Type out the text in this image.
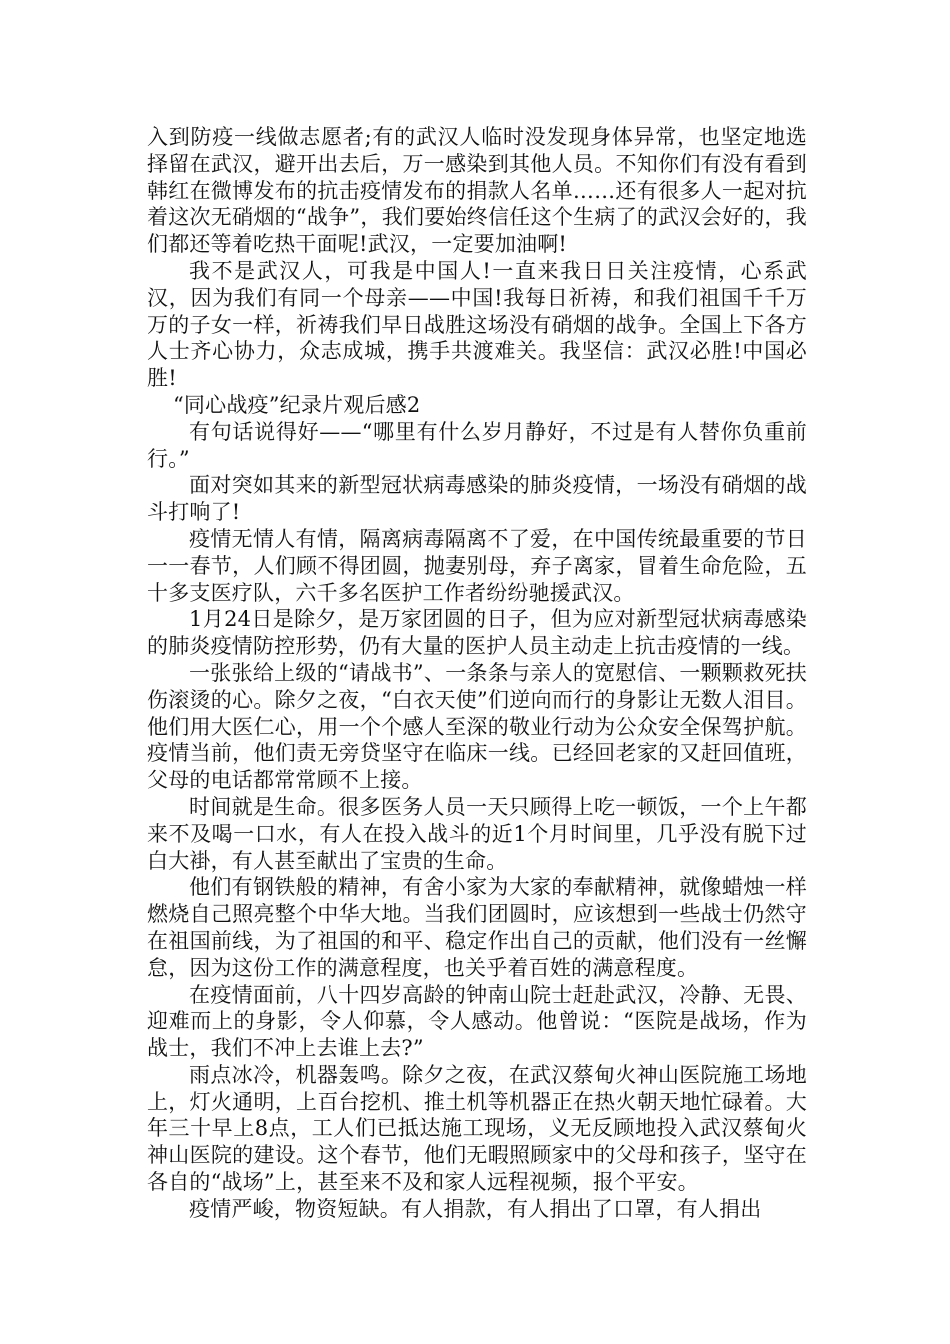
入到防疫一线做志愿者;有的武汉人临时没发现身体异常，也坚定地选择留在武汉，避开出去后，万一感染到其他人员。不知你们有没有看到韩红在微博发布的抗击疫情发布的捐款人名单……还有很多人一起对抗着这次无硝烟的“战争”，我们要始终信任这个生病了的武汉会好的，我们都还等着吃热干面呢!武汉，一定要加油啊!

我不是武汉人，可我是中国人!一直来我日日关注疫情，心系武汉，因为我们有同一个母亲——中国!我每日祈祷，和我们祖国千千万万的子女一样，祈祷我们早日战胜这场没有硝烟的战争。全国上下各方人士齐心协力，众志成城，携手共渡难关。我坚信：武汉必胜!中国必胜!

“同心战疫”纪录片观后感2

有句话说得好——“哪里有什么岁月静好，不过是有人替你负重前行。”

面对突如其来的新型冠状病毒感染的肺炎疫情，一场没有硝烟的战斗打响了!

疫情无情人有情，隔离病毒隔离不了爱，在中国传统最重要的节日一一春节，人们顾不得团圆，抛妻别母，弃子离家，冒着生命危险，五十多支医疗队，六千多名医护工作者纷纷驰援武汉。

1月24日是除夕，是万家团圆的日子，但为应对新型冠状病毒感染的肺炎疫情防控形势，仍有大量的医护人员主动走上抗击疫情的一线。

一张张给上级的“请战书”、一条条与亲人的宽慰信、一颗颗救死扶伤滚烫的心。除夕之夜，“白衣天使”们逆向而行的身影让无数人泪目。他们用大医仁心，用一个个感人至深的敬业行动为公众安全保驾护航。疫情当前，他们责无旁贷坚守在临床一线。已经回老家的又赶回值班，父母的电话都常常顾不上接。

时间就是生命。很多医务人员一天只顾得上吃一顿饭，一个上午都来不及喝一口水，有人在投入战斗的近1个月时间里，几乎没有脱下过白大褂，有人甚至献出了宝贵的生命。

他们有钢铁般的精神，有舍小家为大家的奉献精神，就像蜡烛一样燃烧自己照亮整个中华大地。当我们团圆时，应该想到一些战士仍然守在祖国前线，为了祖国的和平、稳定作出自己的贡献，他们没有一丝懈怠，因为这份工作的满意程度，也关乎着百姓的满意程度。

在疫情面前，八十四岁高龄的钟南山院士赶赴武汉，冷静、无畏、迎难而上的身影，令人仰慕，令人感动。他曾说：“医院是战场，作为战士，我们不冲上去谁上去?”

雨点冰冷，机器轰鸣。除夕之夜，在武汉蔡甸火神山医院施工场地上，灯火通明，上百台挖机、推土机等机器正在热火朝天地忙碌着。大年三十早上8点，工人们已抵达施工现场，义无反顾地投入武汉蔡甸火神山医院的建设。这个春节，他们无暇照顾家中的父母和孩子，坚守在各自的“战场”上，甚至来不及和家人远程视频，报个平安。

疫情严峻，物资短缺。有人捐款，有人捐出了口罩，有人捐出
